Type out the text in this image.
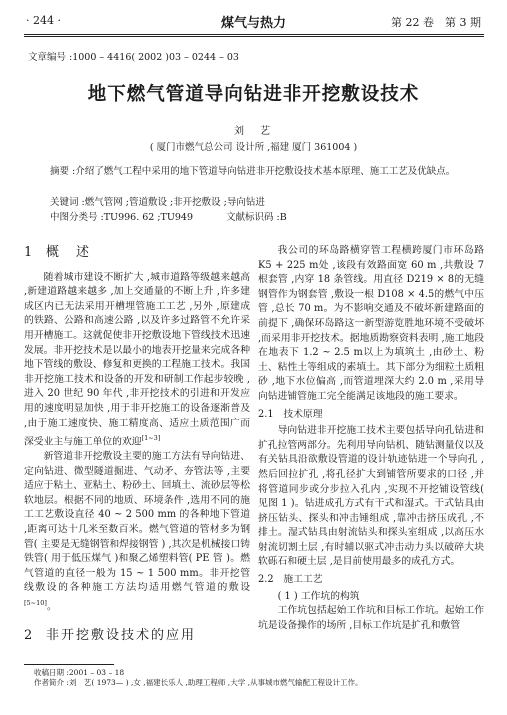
· 244 ·	煤气与热力	第 22 卷　第 3 期
文章编号 :1000 – 4416( 2002 )03 – 0244 – 03
地下燃气管道导向钻进非开挖敷设技术
刘　艺
( 厦门市燃气总公司 设计所 ,福建 厦门 361004 )
摘要 :介绍了燃气工程中采用的地下管道导向钻进非开挖敷设技术基本原理、施工工艺及优缺点。
关键词 :燃气管网 ;管道敷设 ;非开挖敷设 ;导向钻进
中图分类号 :TU996. 62 ;TU949	文献标识码 :B
1 概　述

随着城市建设不断扩大 ,城市道路等级越来越高 ,新建道路越来越多 ,加上交通量的不断上升 ,许多建成区内已无法采用开槽埋管施工工艺 ,另外 ,原建成的铁路、公路和高速公路 ,以及许多过路管不允许采用开槽施工。这就促使非开挖敷设地下管线技术迅速发展。非开挖技术是以最小的地表开挖量来完成各种地下管线的敷设、修复和更换的工程施工技术。我国非开挖施工技术和设备的开发和研制工作起步较晚 ,进入 20 世纪 90 年代 ,非开挖技术的引进和开发应用的速度明显加快 ,用于非开挖施工的设备逐渐普及 ,由于施工速度快、施工精度高、适应土质范围广而深受业主与施工单位的欢迎[1~3]

新管道非开挖敷设主要的施工方法有导向钻进、定向钻进、微型隧道掘进、气动矛、夯管法等 ,主要适应于粘土、亚粘土、粉砂土、回填土、流砂层等松软地层。根据不同的地质、环境条件 ,选用不同的施工工艺敷设直径 40 ~ 2 500 mm 的各种地下管道 ,距离可达十几米至数百米。燃气管道的管材多为钢管( 主要是无缝钢管和焊接钢管 ) ,其次是机械接口铸铁管( 用于低压煤气 )和聚乙烯塑料管( PE 管 )。燃气管道的直径一般为 15 ~ 1 500 mm。非开挖管线敷设的各种施工方法均适用燃气管道的敷设[5~10]。

2 非开挖敷设技术的应用

我公司的环岛路横穿管工程横跨厦门市环岛路 K5 + 225 m处 ,该段有效路面宽 60 m ,共敷设 7 根套管 ,内穿 18 条管线。用直径 D219 × 8的无缝钢管作为钢套管 ,敷设一根 D108 × 4.5的燃气中压管 ,总长 70 m。为不影响交通及不破坏新建路面的前提下 ,确保环岛路这一新型游览胜地环境不受破坏 ,而采用非开挖技术。据地质勘察资料表明 ,施工地段在地表下 1.2 ~ 2.5 m以上为填筑土 ,由砂土、粉土、粘性土等组成的素填土。其下部分为细粒土质粗砂 ,地下水位偏高 ,而管道埋深大约 2.0 m ,采用导向钻进铺管施工完全能满足该地段的施工要求。

2.1　技术原理

导向钻进非开挖施工技术主要包括导向孔钻进和扩孔拉管两部分。先利用导向钻机、随钻测量仪以及有关钻具沿欲敷设管道的设计轨迹钻进一个导向孔 ,然后回拉扩孔 ,将孔径扩大到铺管所要求的口径 ,并将管道同步或分步拉入孔内 ,实现不开挖铺设管线( 见图 1 )。钻进成孔方式有干式和湿式。干式钻具由挤压钻头、探头和冲击锤组成 ,靠冲击挤压成孔 ,不排土。湿式钻具由射流钻头和探头室组成 ,以高压水射流切割土层 ,有时辅以驱式冲击动力头以破碎大块软砾石和硬土层 ,是目前使用最多的成孔方式。

2.2　施工工艺

( 1 ) 工作坑的构筑

工作坑包括起始工作坑和目标工作坑。起始工作坑是设备操作的场所 ,目标工作坑是扩孔和敷管

收稿日期 :2001 – 03 – 18
作者简介 :刘　艺( 1973— ) ,女 ,福建长乐人 ,助理工程师 ,大学 ,从事城市燃气输配工程设计工作。
